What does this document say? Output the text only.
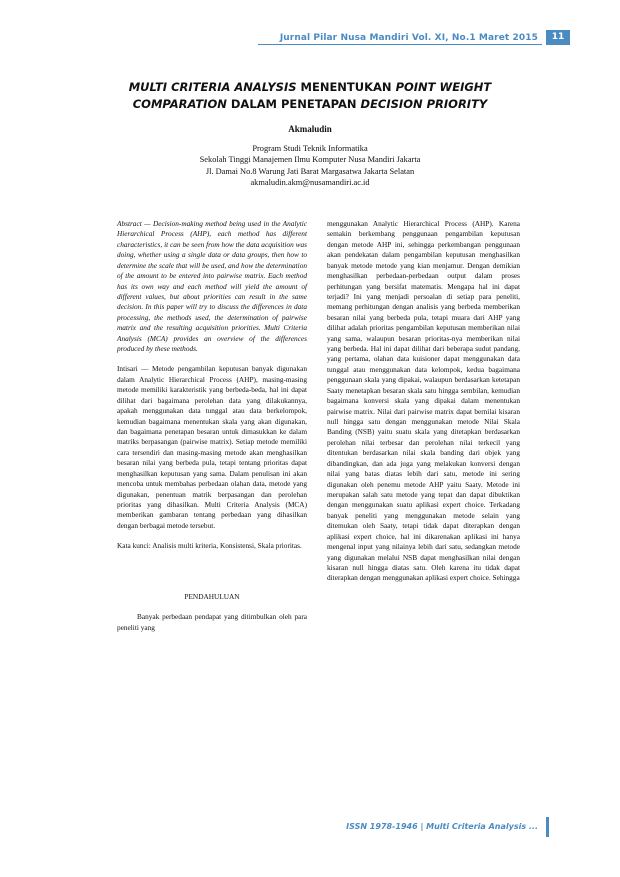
Jurnal Pilar Nusa Mandiri Vol. XI, No.1 Maret 2015	11
MULTI CRITERIA ANALYSIS MENENTUKAN POINT WEIGHT
COMPARATION DALAM PENETAPAN DECISION PRIORITY
Akmaludin
Program Studi Teknik Informatika
Sekolah Tinggi Manajemen Ilmu Komputer Nusa Mandiri Jakarta
Jl. Damai No.8 Warung Jati Barat Margasatwa Jakarta Selatan
akmaludin.akm@nusamandiri.ac.id

Abstract — Decision-making method being used in the Analytic Hierarchical Process (AHP), each method has different characteristics, it can be seen from how the data acquisition was doing, whether using a single data or data groups, then how to determine the scale that will be used, and how the determination of the amount to be entered into pairwise matrix. Each method has its own way and each method will yield the amount of different values, but about priorities can result in the same decision. In this paper will try to discuss the differences in data processing, the methods used, the determination of pairwise matrix and the resulting acquisition priorities. Multi Criteria Analysis (MCA) provides an overview of the differences produced by these methods.

Intisari — Metode pengambilan keputusan banyak digunakan dalam Analytic Hierarchical Process (AHP), masing-masing metode memiliki karakteristik yang berbeda-beda, hal ini dapat dilihat dari bagaimana perolehan data yang dilakukannya, apakah menggunakan data tunggal atau data berkelompok, kemudian bagaimana menentukan skala yang akan digunakan, dan bagaimana penetapan besaran untuk dimasukkan ke dalam matriks berpasangan (pairwise matrix). Setiap metode memiliki cara tersendiri dan masing-masing metode akan menghasilkan besaran nilai yang berbeda pula, tetapi tentang prioritas dapat menghasilkan keputusan yang sama. Dalam penulisan ini akan mencoba untuk membahas perbedaan olahan data, metode yang digunakan, penentuan matrik berpasangan dan perolehan prioritas yang dihasilkan. Multi Criteria Analysis (MCA) memberikan gambaran tentang perbedaan yang dihasilkan dengan berbagai metode tersebut.

Kata kunci: Analisis multi kriteria, Konsistensi, Skala prioritas.

PENDAHULUAN

Banyak perbedaan pendapat yang ditimbulkan oleh para peneliti yang

menggunakan Analytic Hierarchical Process (AHP). Karena semakin berkembang penggunaan pengambilan keputusan dengan metode AHP ini, sehingga perkembangan penggunaan akan pendekatan dalam pengambilan keputusan menghasilkan banyak metode metode yang kian menjamur. Dengan demikian menghasilkan perbedaan-perbedaan output dalam proses perhitungan yang bersifat matematis. Mengapa hal ini dapat terjadi? Ini yang menjadi persoalan di setiap para peneliti, memang perhitungan dengan analisis yang berbeda memberikan besaran nilai yang berbeda pula, tetapi muara dari AHP yang dilihat adalah prioritas pengambilan keputusan memberikan nilai yang sama, walaupun besaran prioritas-nya memberikan nilai yang berbeda. Hal ini dapat dilihat dari beberapa sudut pandang, yang pertama, olahan data kuisioner dapat menggunakan data tunggal atau menggunakan data kelompok, kedua bagaimana penggunaan skala yang dipakai, walaupun berdasarkan ketetapan Saaty menetapkan besaran skala satu hingga sembilan, kemudian bagaimana konversi skala yang dipakai dalam menentukan pairwise matrix. Nilai dari pairwise matrix dapat bernilai kisaran null hingga satu dengan menggunakan metode Nilai Skala Banding (NSB) yaitu suatu skala yang ditetapkan berdasarkan perolehan nilai terbesar dan perolehan nilai terkecil yang ditentukan berdasarkan nilai skala banding dari objek yang dibandingkan, dan ada juga yang melakukan konversi dengan nilai yang batas diatas lebih dari satu, metode ini sering digunakan oleh penemu metode AHP yaitu Saaty. Metode ini merupakan salah satu metode yang tepat dan dapat dibuktikan dengan menggunakan suatu aplikasi expert choice. Terkadang banyak peneliti yang menggunakan metode selain yang ditemukan oleh Saaty, tetapi tidak dapat diterapkan dengan aplikasi expert choice, hal ini dikarenakan aplikasi ini hanya mengenal input yang nilainya lebih dari satu, sedangkan metode yang digunakan melalui NSB dapat menghasilkan nilai dengan kisaran null hingga diatas satu. Oleh karena itu tidak dapat diterapkan dengan menggunakan aplikasi expert choice. Sehingga

ISSN 1978-1946 | Multi Criteria Analysis ...
